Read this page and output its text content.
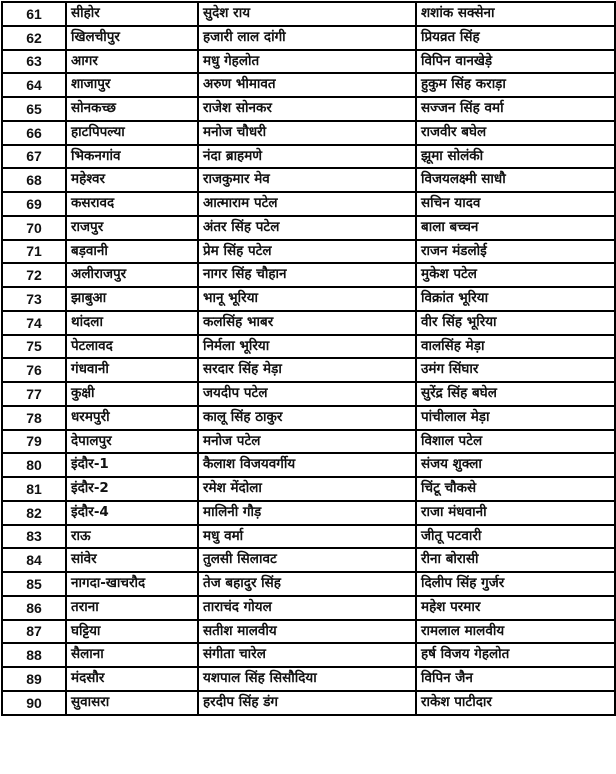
61	सीहोर	सुदेश राय	शशांक सक्सेना
62	खिलचीपुर	हजारी लाल दांगी	प्रियव्रत सिंह
63	आगर	मधु गेहलोत	विपिन वानखेड़े
64	शाजापुर	अरुण भीमावत	हुकुम सिंह कराड़ा
65	सोनकच्छ	राजेश सोनकर	सज्जन सिंह वर्मा
66	हाटपिपल्या	मनोज चौधरी	राजवीर बघेल
67	भिकनगांव	नंदा ब्राहमणे	झूमा सोलंकी
68	महेश्वर	राजकुमार मेव	विजयलक्ष्मी साधौ
69	कसरावद	आत्माराम पटेल	सचिन यादव
70	राजपुर	अंतर सिंह पटेल	बाला बच्चन
71	बड़वानी	प्रेम सिंह पटेल	राजन मंडलोई
72	अलीराजपुर	नागर सिंह चौहान	मुकेश पटेल
73	झाबुआ	भानू भूरिया	विक्रांत भूरिया
74	थांदला	कलसिंह भाबर	वीर सिंह भूरिया
75	पेटलावद	निर्मला भूरिया	वालसिंह मेड़ा
76	गंधवानी	सरदार सिंह मेड़ा	उमंग सिंघार
77	कुक्षी	जयदीप पटेल	सुरेंद्र सिंह बघेल
78	धरमपुरी	कालू सिंह ठाकुर	पांचीलाल मेड़ा
79	देपालपुर	मनोज पटेल	विशाल पटेल
80	इंदौर-1	कैलाश विजयवर्गीय	संजय शुक्ला
81	इंदौर-2	रमेश मेंदोला	चिंटू चौकसे
82	इंदौर-4	मालिनी गौड़	राजा मंधवानी
83	राऊ	मधु वर्मा	जीतू पटवारी
84	सांवेर	तुलसी सिलावट	रीना बोरासी
85	नागदा-खाचरौद	तेज बहादुर सिंह	दिलीप सिंह गुर्जर
86	तराना	ताराचंद गोयल	महेश परमार
87	घट्टिया	सतीश मालवीय	रामलाल मालवीय
88	सैलाना	संगीता चारेल	हर्ष विजय गेहलोत
89	मंदसौर	यशपाल सिंह सिसौदिया	विपिन जैन
90	सुवासरा	हरदीप सिंह डंग	राकेश पाटीदार
